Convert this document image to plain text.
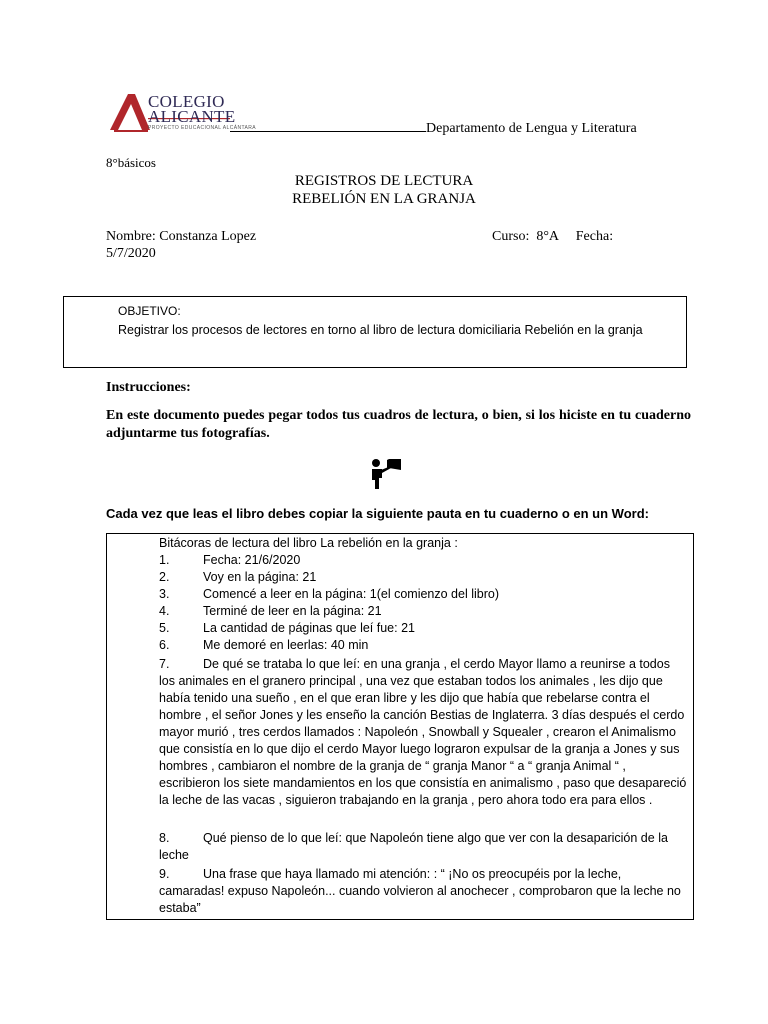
COLEGIO
ALICANTE
PROYECTO EDUCACIONAL ALCÁNTARA	Departamento de Lengua y Literatura
8°básicos
REGISTROS DE LECTURA
REBELIÓN EN LA GRANJA
Nombre: Constanza Lopez	Curso:  8°A     Fecha:
5/7/2020
OBJETIVO:
Registrar los procesos de lectores en torno al libro de lectura domiciliaria Rebelión en la granja
Instrucciones:
En este documento puedes pegar todos tus cuadros de lectura, o bien, si los hiciste en tu cuaderno adjuntarme tus fotografías.
Cada vez que leas el libro debes copiar la siguiente pauta en tu cuaderno o en un Word:
Bitácoras de lectura del libro La rebelión en la granja :
1.	Fecha: 21/6/2020
2.	Voy en la página: 21
3.	Comencé a leer en la página: 1(el comienzo del libro)
4.	Terminé de leer en la página: 21
5.	La cantidad de páginas que leí fue: 21
6.	Me demoré en leerlas: 40 min
7.	De qué se trataba lo que leí: en una granja , el cerdo Mayor llamo a reunirse a todos
los animales en el granero principal , una vez que estaban todos los animales , les dijo que había tenido una sueño , en el que eran libre y les dijo que había que rebelarse contra el hombre , el señor Jones y les enseño la canción Bestias de Inglaterra. 3 días después el cerdo mayor murió , tres cerdos llamados : Napoleón , Snowball y Squealer , crearon el Animalismo que consistía en lo que dijo el cerdo Mayor luego lograron expulsar de la granja a Jones y sus hombres , cambiaron el nombre de la granja de “ granja Manor “ a “ granja Animal “ , escribieron los siete mandamientos en los que consistía en animalismo , paso que desapareció la leche de las vacas , siguieron trabajando en la granja , pero ahora todo era para ellos .
8.	Qué pienso de lo que leí: que Napoleón tiene algo que ver con la desaparición de la
leche
9.	Una frase que haya llamado mi atención: : “ ¡No os preocupéis por la leche,
camaradas! expuso Napoleón... cuando volvieron al anochecer , comprobaron que la leche no estaba”
